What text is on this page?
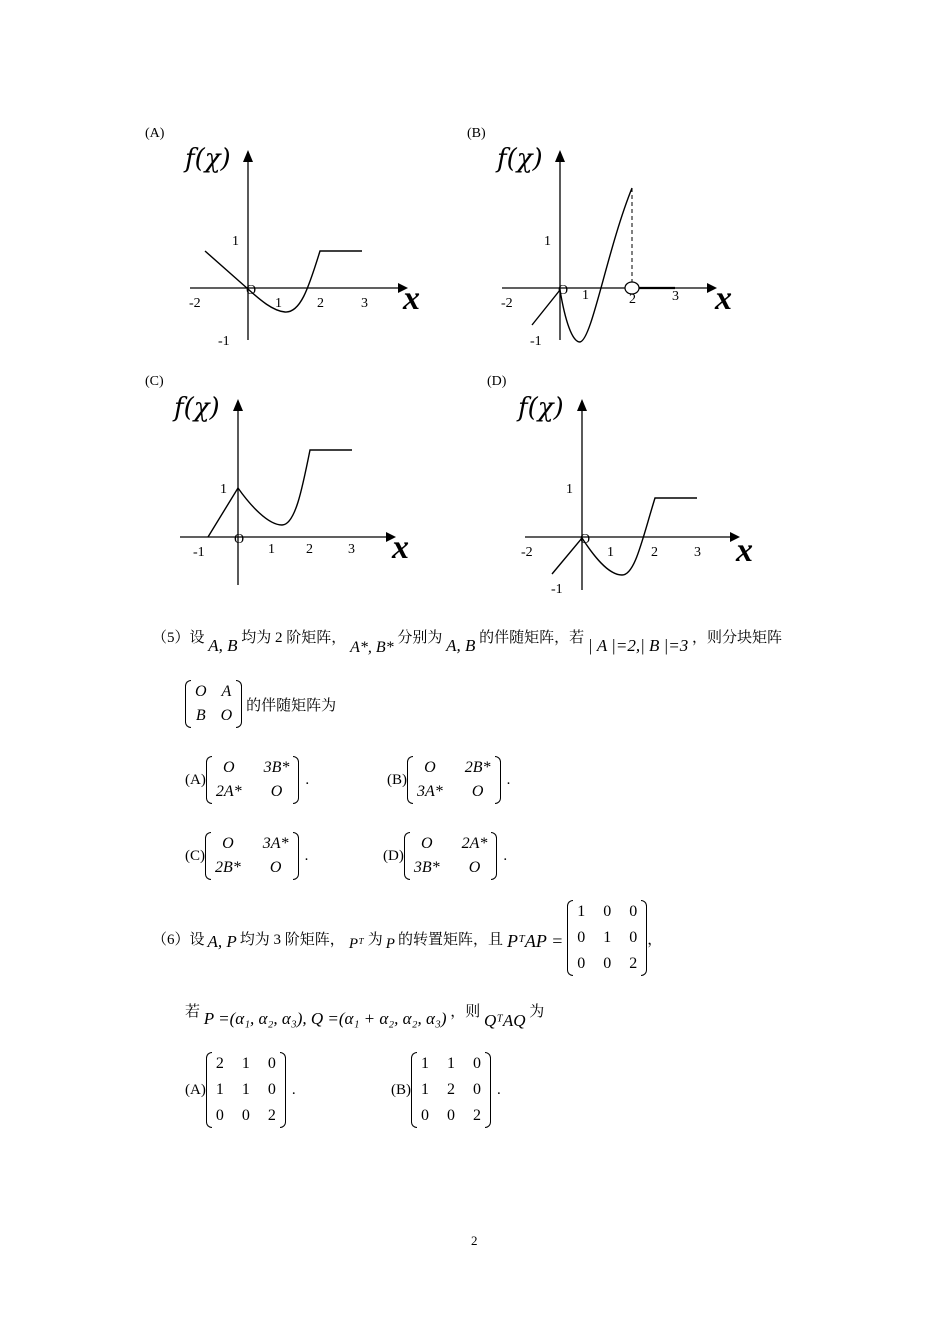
(A)
f(χ)
-2
O
1	2	3
1
-1
x
(B)
f(χ)
-2
O 1	2	3
1
-1
x
(C)
f(χ)
-1
O
1 2	3
1
x
(D)
f(χ)
-2
O
1	2	3
1
-1
x
（5）设 A, B 均为 2 阶矩阵， A*, B* 分别为 A, B 的伴随矩阵，若 | A |=2,| B |=3 ，则分块矩阵
O A
B O
的伴随矩阵为
(A)
O	3B*
2A*	O
.	(B)
O	2B*
3A*	O
.
(C)
O	3A*
2B*	O
.	(D)
O	2A*
3B*	O
.
（6）设 A, P 均为 3 阶矩阵， Pᵀ 为 P 的转置矩阵，且 PᵀAP =
1 0 0
0 1 0
0 0 2
，
若 P =(α₁, α₂, α₃), Q =(α₁ + α₂, α₂, α₃) ，则 QᵀAQ 为
(A)
2 1 0
1 1 0
0 0 2
.	(B)
1 1 0
1 2 0
0 0 2
.
2
